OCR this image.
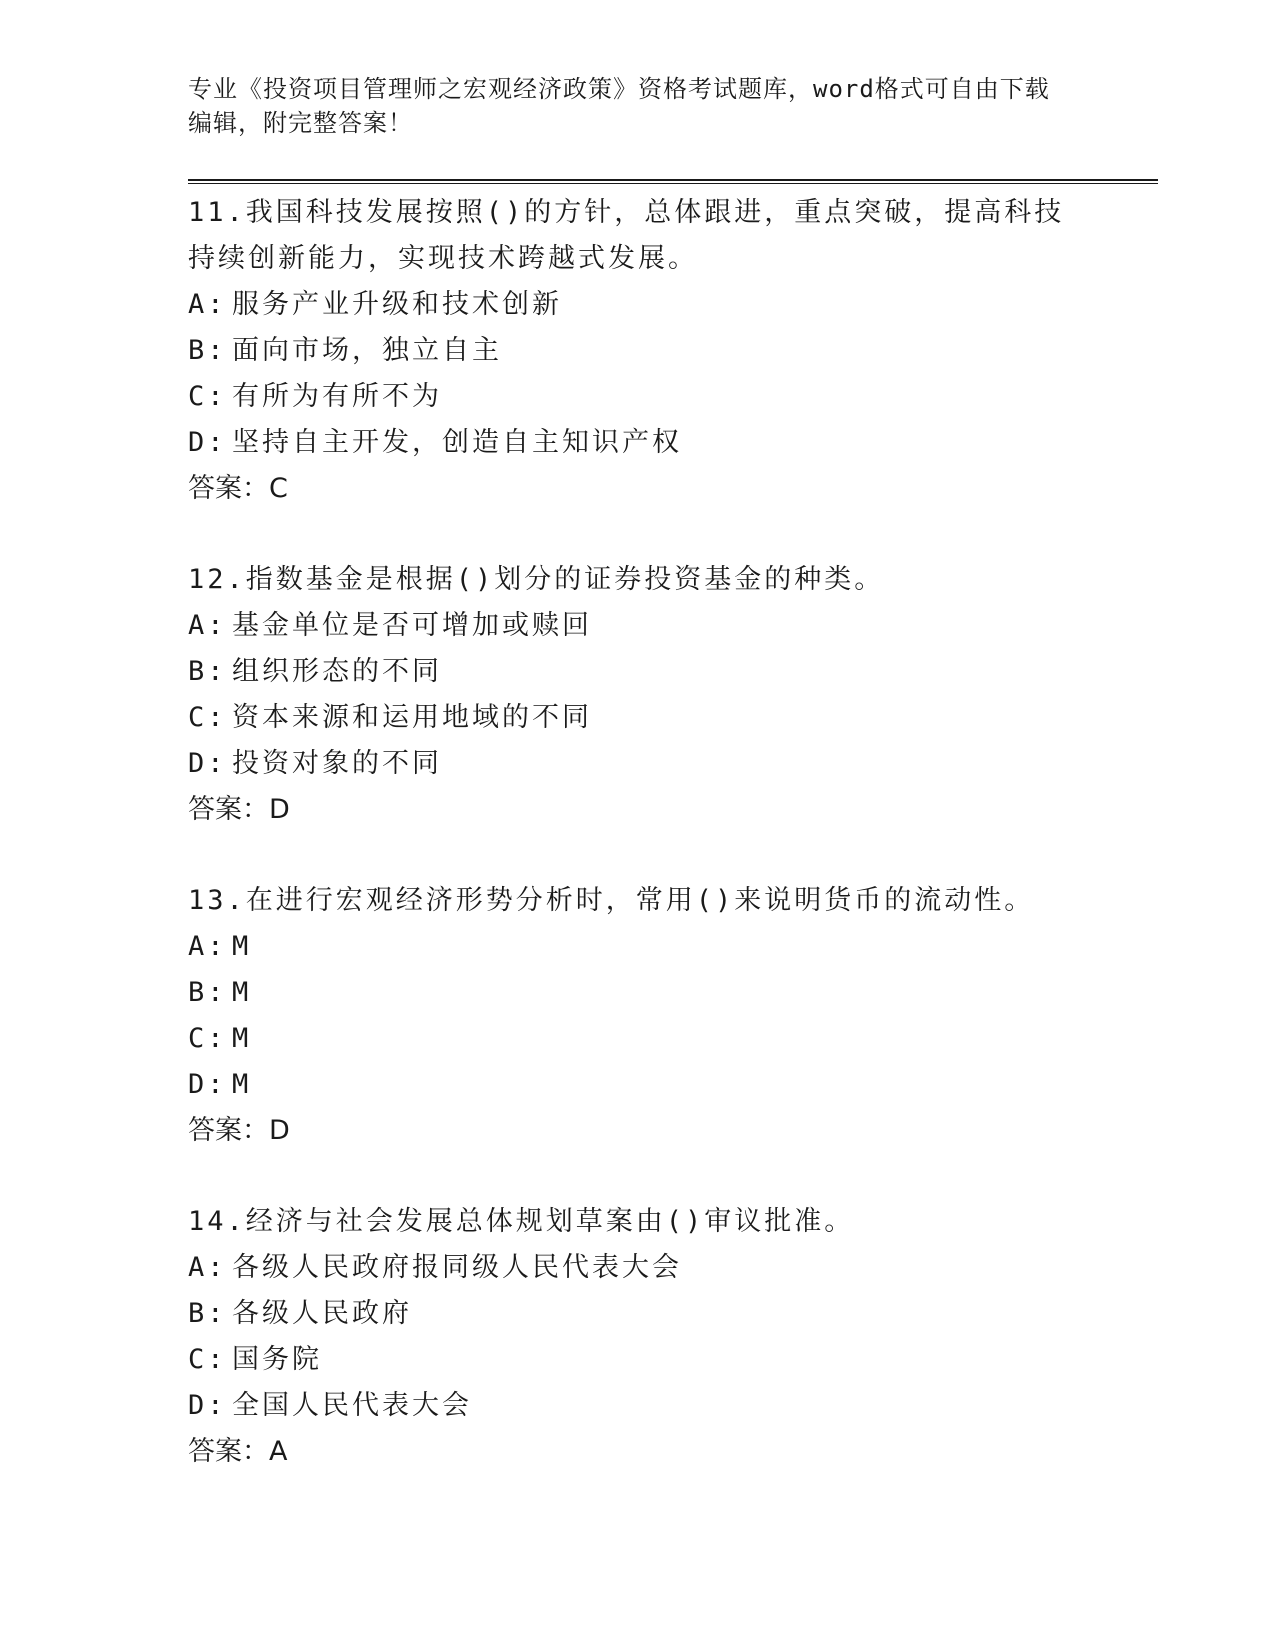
专业《投资项目管理师之宏观经济政策》资格考试题库，word格式可自由下载编辑，附完整答案！

11.我国科技发展按照()的方针，总体跟进，重点突破，提高科技持续创新能力，实现技术跨越式发展。

A: 服务产业升级和技术创新

B: 面向市场，独立自主

C: 有所为有所不为

D: 坚持自主开发，创造自主知识产权

答案：C

12.指数基金是根据()划分的证券投资基金的种类。

A: 基金单位是否可增加或赎回

B: 组织形态的不同

C: 资本来源和运用地域的不同

D: 投资对象的不同

答案：D

13.在进行宏观经济形势分析时，常用()来说明货币的流动性。

A: M

B: M

C: M

D: M

答案：D

14.经济与社会发展总体规划草案由()审议批准。

A: 各级人民政府报同级人民代表大会

B: 各级人民政府

C: 国务院

D: 全国人民代表大会

答案：A
